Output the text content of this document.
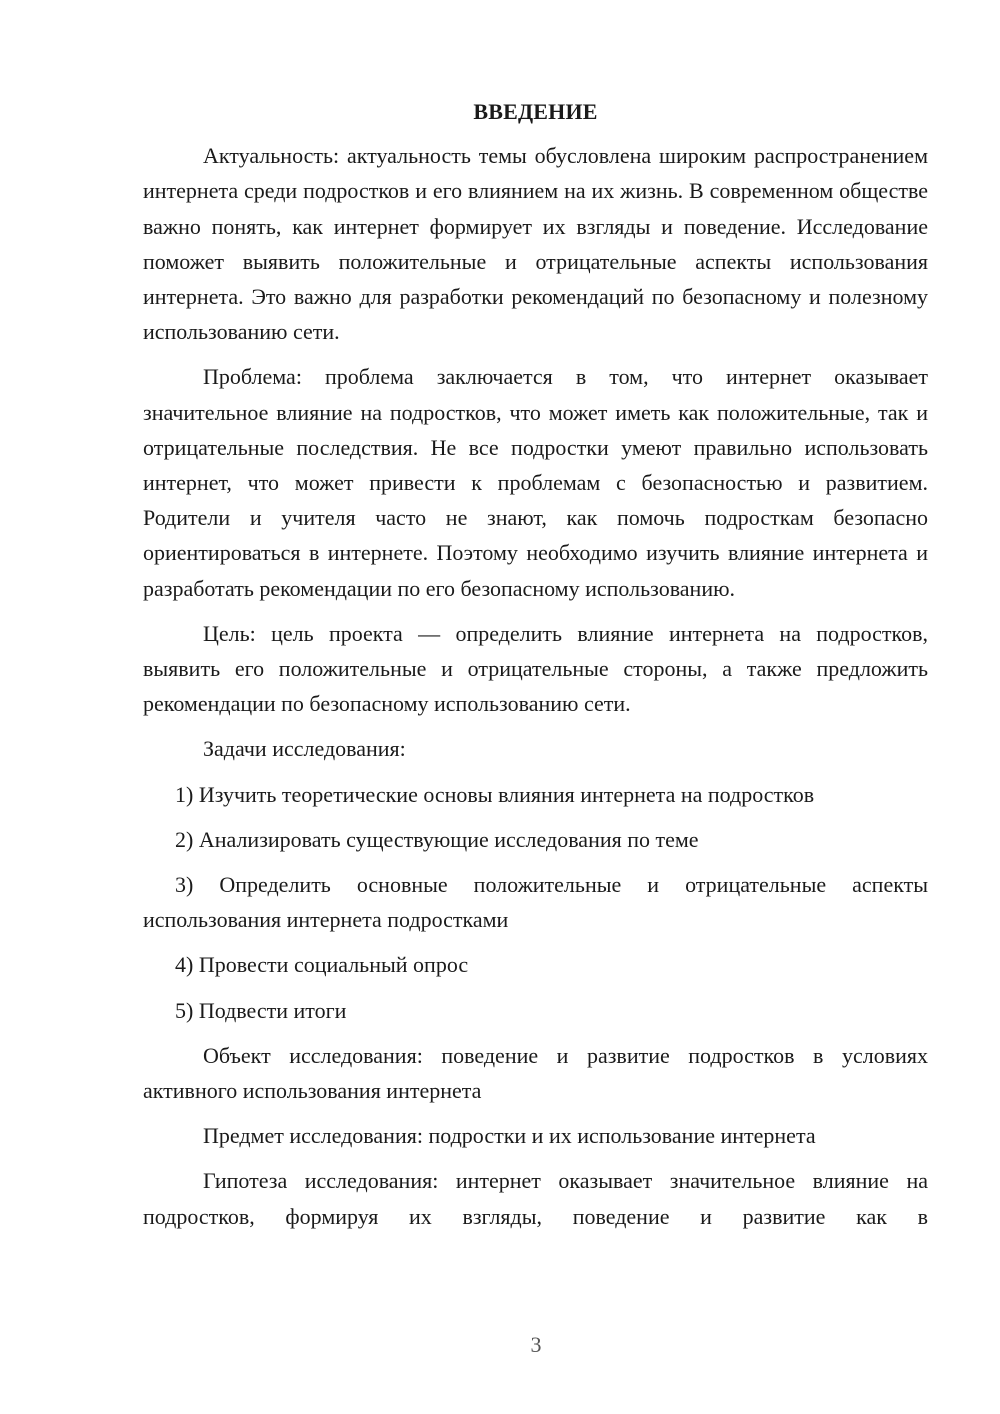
ВВЕДЕНИЕ

Актуальность: актуальность темы обусловлена широким распространением интернета среди подростков и его влиянием на их жизнь. В современном обществе важно понять, как интернет формирует их взгляды и поведение. Исследование поможет выявить положительные и отрицательные аспекты использования интернета. Это важно для разработки рекомендаций по безопасному и полезному использованию сети.

Проблема: проблема заключается в том, что интернет оказывает значительное влияние на подростков, что может иметь как положительные, так и отрицательные последствия. Не все подростки умеют правильно использовать интернет, что может привести к проблемам с безопасностью и развитием. Родители и учителя часто не знают, как помочь подросткам безопасно ориентироваться в интернете. Поэтому необходимо изучить влияние интернета и разработать рекомендации по его безопасному использованию.

Цель: цель проекта — определить влияние интернета на подростков, выявить его положительные и отрицательные стороны, а также предложить рекомендации по безопасному использованию сети.

Задачи исследования:

1) Изучить теоретические основы влияния интернета на подростков

2) Анализировать существующие исследования по теме

3) Определить основные положительные и отрицательные аспекты использования интернета подростками

4) Провести социальный опрос

5) Подвести итоги

Объект исследования: поведение и развитие подростков в условиях активного использования интернета

Предмет исследования: подростки и их использование интернета

Гипотеза исследования: интернет оказывает значительное влияние на подростков, формируя их взгляды, поведение и развитие как в

3
